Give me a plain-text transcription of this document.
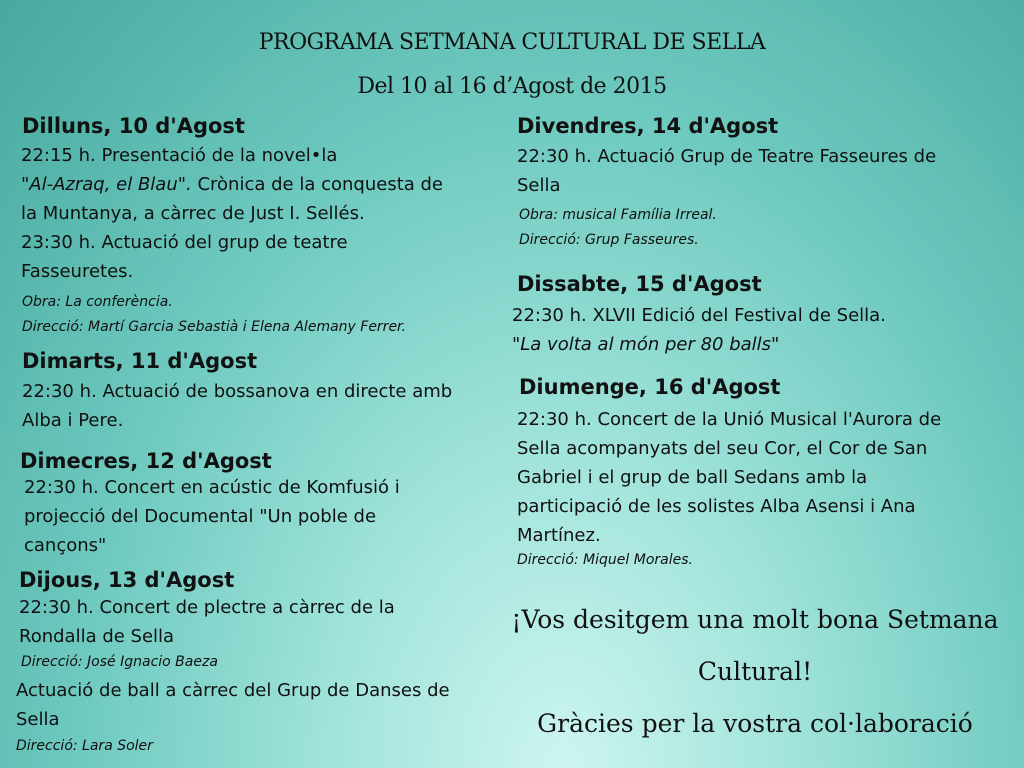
PROGRAMA SETMANA CULTURAL DE SELLA
Del 10 al 16 d’Agost de 2015
Dilluns, 10 d'Agost
22:15 h. Presentació de la novel•la
"Al-Azraq, el Blau". Crònica de la conquesta de
la Muntanya, a càrrec de Just I. Sellés.
23:30 h. Actuació del grup de teatre
Fasseuretes.
Obra: La conferència.
Direcció: Martí Garcia Sebastià i Elena Alemany Ferrer.
Dimarts, 11 d'Agost
22:30 h. Actuació de bossanova en directe amb
Alba i Pere.
Dimecres, 12 d'Agost
22:30 h. Concert en acústic de Komfusió i
projecció del Documental "Un poble de
cançons"
Dijous, 13 d'Agost
22:30 h. Concert de plectre a càrrec de la
Rondalla de Sella
Direcció: José Ignacio Baeza
Actuació de ball a càrrec del Grup de Danses de
Sella
Direcció: Lara Soler
Divendres, 14 d'Agost
22:30 h. Actuació Grup de Teatre Fasseures de
Sella
Obra: musical Família Irreal.
Direcció: Grup Fasseures.
Dissabte, 15 d'Agost
22:30 h. XLVII Edició del Festival de Sella.
"La volta al món per 80 balls"
Diumenge, 16 d'Agost
22:30 h. Concert de la Unió Musical l'Aurora de
Sella acompanyats del seu Cor, el Cor de San
Gabriel i el grup de ball Sedans amb la
participació de les solistes Alba Asensi i Ana
Martínez.
Direcció: Miquel Morales.
¡Vos desitgem una molt bona Setmana
Cultural!
Gràcies per la vostra col·laboració
